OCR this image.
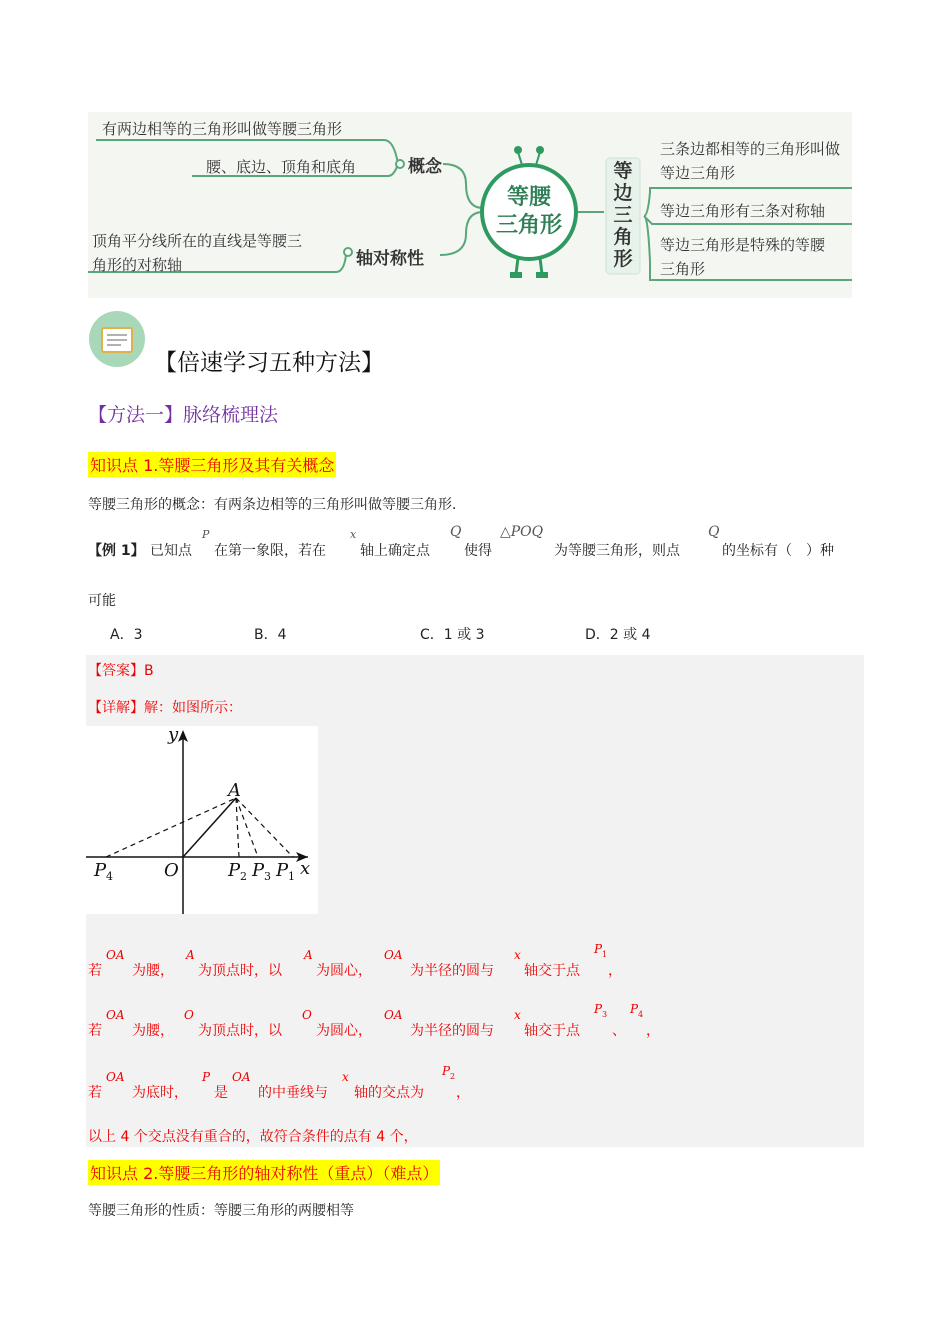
有两边相等的三角形叫做等腰三角形
腰、底边、顶角和底角	概念
顶角平分线所在的直线是等腰三
角形的对称轴	轴对称性
等腰
三角形
等
边
三
角
形
三条边都相等的三角形叫做
等边三角形
等边三角形有三条对称轴
等边三角形是特殊的等腰
三角形
【倍速学习五种方法】
【方法一】脉络梳理法
知识点 1.等腰三角形及其有关概念
等腰三角形的概念：有两条边相等的三角形叫做等腰三角形．
【例 1】 已知点
P
在第一象限，若在
x
轴上确定点
Q
使得
△POQ
为等腰三角形，则点
Q
的坐标有（　）种
可能
A．3	B．4	C．1 或 3	D．2 或 4
【答案】B
【详解】解：如图所示：
y
x
A
O
P 4	P 2 P 3 P 1
若
OA
为腰，
A
为顶点时，以
A
为圆心，
OA
为半径的圆与
x
轴交于点
P 1
，
若
OA
为腰，
O
为顶点时，以
O
为圆心，
OA
为半径的圆与
x
轴交于点
P 3
、
P 4
，
若
OA
为底时，
P
是
OA
的中垂线与
x
轴的交点为
P 2
，
以上 4 个交点没有重合的，故符合条件的点有 4 个，
知识点 2.等腰三角形的轴对称性（重点）（难点）
等腰三角形的性质：等腰三角形的两腰相等
